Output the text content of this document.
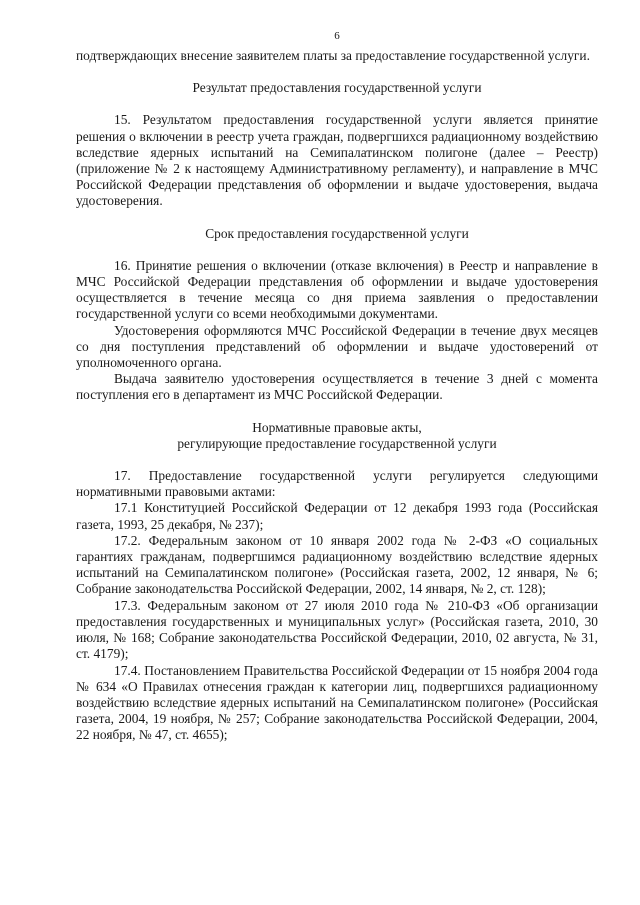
6

подтверждающих внесение заявителем платы за предоставление государственной услуги.

Результат предоставления государственной услуги

15. Результатом предоставления государственной услуги является принятие решения о включении в реестр учета граждан, подвергшихся радиационному воздействию вследствие ядерных испытаний на Семипалатинском полигоне (далее – Реестр) (приложение № 2 к настоящему Административному регламенту), и направление в МЧС Российской Федерации представления об оформлении и выдаче удостоверения, выдача удостоверения.

Срок предоставления государственной услуги

16. Принятие решения о включении (отказе включения) в Реестр и направление в МЧС Российской Федерации представления об оформлении и выдаче удостоверения осуществляется в течение месяца со дня приема заявления о предоставлении государственной услуги со всеми необходимыми документами.

Удостоверения оформляются МЧС Российской Федерации в течение двух месяцев со дня поступления представлений об оформлении и выдаче удостоверений от уполномоченного органа.

Выдача заявителю удостоверения осуществляется в течение 3 дней с момента поступления его в департамент из МЧС Российской Федерации.

Нормативные правовые акты,
регулирующие предоставление государственной услуги

17. Предоставление государственной услуги регулируется следующими нормативными правовыми актами:

17.1 Конституцией Российской Федерации от 12 декабря 1993 года (Российская газета, 1993, 25 декабря, № 237);

17.2. Федеральным законом от 10 января 2002 года № 2-ФЗ «О социальных гарантиях гражданам, подвергшимся радиационному воздействию вследствие ядерных испытаний на Семипалатинском полигоне» (Российская газета, 2002, 12 января, № 6; Собрание законодательства Российской Федерации, 2002, 14 января, № 2, ст. 128);

17.3. Федеральным законом от 27 июля 2010 года № 210-ФЗ «Об организации предоставления государственных и муниципальных услуг» (Российская газета, 2010, 30 июля, № 168; Собрание законодательства Российской Федерации, 2010, 02 августа, № 31, ст. 4179);

17.4. Постановлением Правительства Российской Федерации от 15 ноября 2004 года № 634 «О Правилах отнесения граждан к категории лиц, подвергшихся радиационному воздействию вследствие ядерных испытаний на Семипалатинском полигоне» (Российская газета, 2004, 19 ноября, № 257; Собрание законодательства Российской Федерации, 2004, 22 ноября, № 47, ст. 4655);
